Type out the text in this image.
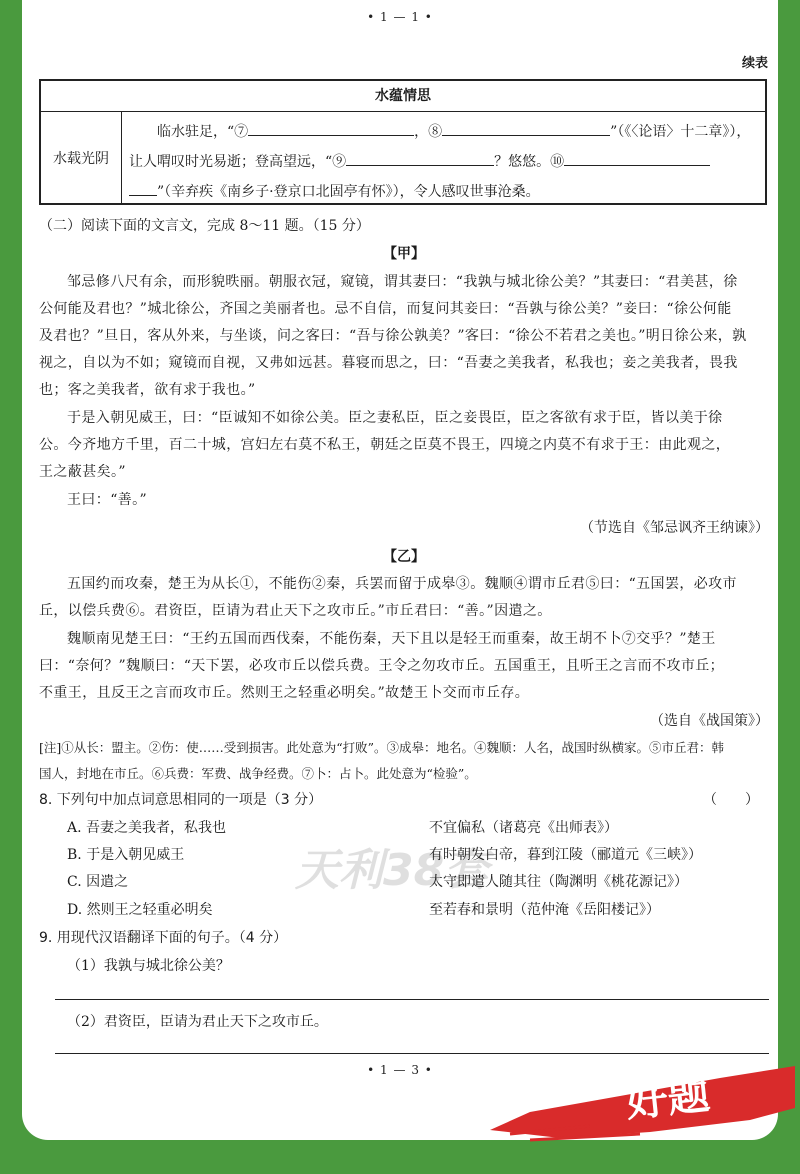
• 1 — 1 •
续表
水蕴情思
水载光阴
临水驻足，“⑦	，⑧	”（《〈论语〉十二章》），
让人喟叹时光易逝；登高望远，“⑨	？悠悠。⑩
”（辛弃疾《南乡子·登京口北固亭有怀》），令人感叹世事沧桑。
（二）阅读下面的文言文，完成 8～11 题。（15 分）
【甲】
邹忌修八尺有余，而形貌昳丽。朝服衣冠，窥镜，谓其妻曰：“我孰与城北徐公美？”其妻曰：“君美甚，徐
公何能及君也？”城北徐公，齐国之美丽者也。忌不自信，而复问其妾曰：“吾孰与徐公美？”妾曰：“徐公何能
及君也？”旦日，客从外来，与坐谈，问之客曰：“吾与徐公孰美？”客曰：“徐公不若君之美也。”明日徐公来，孰
视之，自以为不如；窥镜而自视，又弗如远甚。暮寝而思之，曰：“吾妻之美我者，私我也；妾之美我者，畏我
也；客之美我者，欲有求于我也。”
于是入朝见威王，曰：“臣诚知不如徐公美。臣之妻私臣，臣之妾畏臣，臣之客欲有求于臣，皆以美于徐
公。今齐地方千里，百二十城，宫妇左右莫不私王，朝廷之臣莫不畏王，四境之内莫不有求于王：由此观之，
王之蔽甚矣。”
王曰：“善。”
（节选自《邹忌讽齐王纳谏》）
【乙】
五国约而攻秦，楚王为从长①，不能伤②秦，兵罢而留于成皋③。魏顺④谓市丘君⑤曰：“五国罢，必攻市
丘，以偿兵费⑥。君资臣，臣请为君止天下之攻市丘。”市丘君曰：“善。”因遣之。
魏顺南见楚王曰：“王约五国而西伐秦，不能伤秦，天下且以是轻王而重秦，故王胡不卜⑦交乎？”楚王
曰：“奈何？”魏顺曰：“天下罢，必攻市丘以偿兵费。王令之勿攻市丘。五国重王，且听王之言而不攻市丘；
不重王，且反王之言而攻市丘。然则王之轻重必明矣。”故楚王卜交而市丘存。
（选自《战国策》）
[注]①从长：盟主。②伤：使……受到损害。此处意为“打败”。③成皋：地名。④魏顺：人名，战国时纵横家。⑤市丘君：韩
国人，封地在市丘。⑥兵费：军费、战争经费。⑦卜：占卜。此处意为“检验”。
8. 下列句中加点词意思相同的一项是（3 分）	（　　）
A. 吾妻之美我者，私我也	不宜偏私（诸葛亮《出师表》）
B. 于是入朝见威王	有时朝发白帝，暮到江陵（郦道元《三峡》）
C. 因遣之	太守即遣人随其往（陶渊明《桃花源记》）
D. 然则王之轻重必明矣	至若春和景明（范仲淹《岳阳楼记》）
9. 用现代汉语翻译下面的句子。（4 分）
（1）我孰与城北徐公美？
（2）君资臣，臣请为君止天下之攻市丘。
• 1 — 3 •
天利38套
好题
